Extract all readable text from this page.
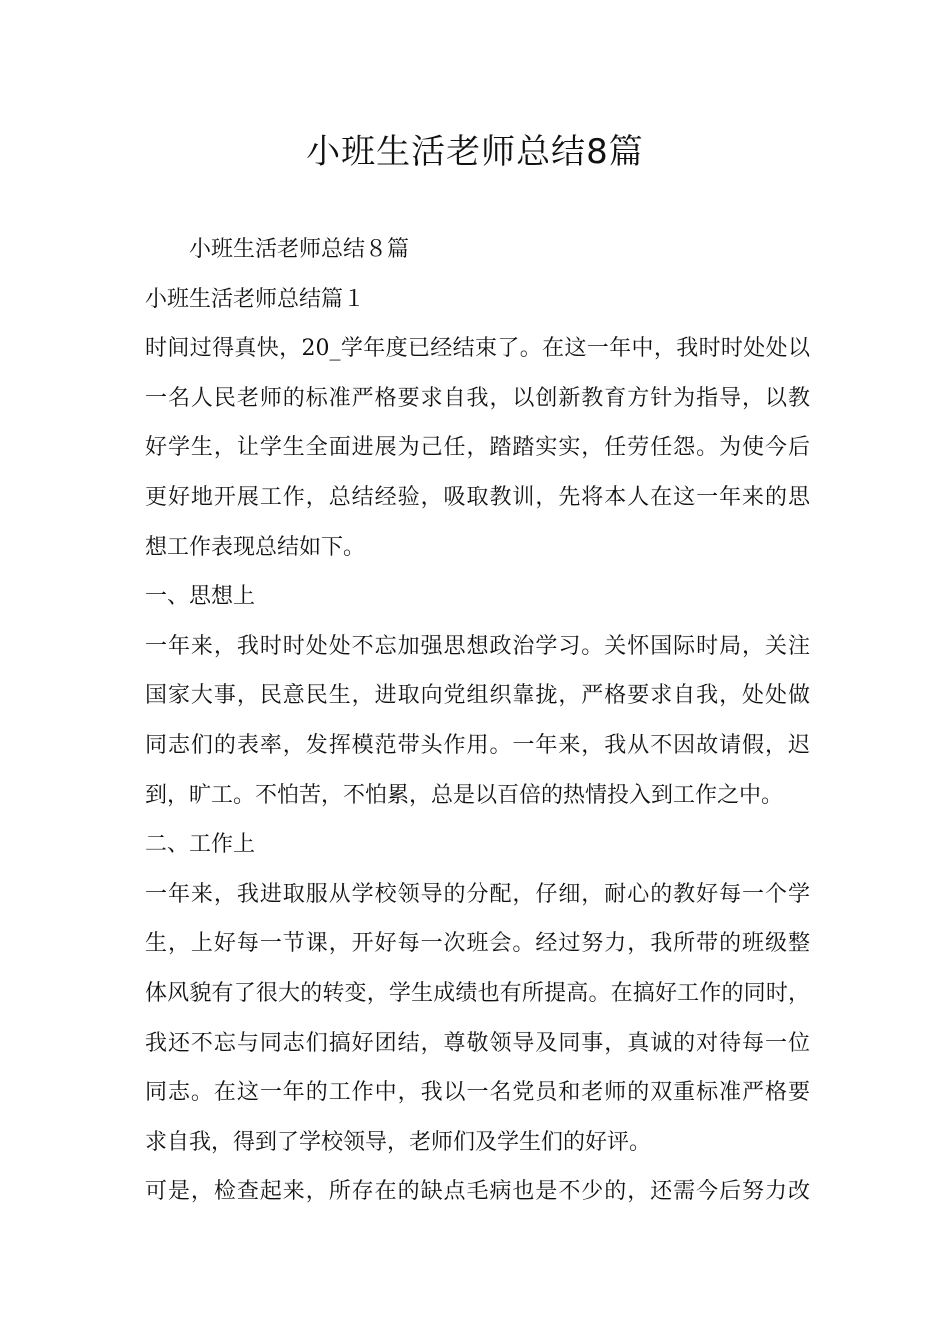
小班生活老师总结8篇

小班生活老师总结８篇

小班生活老师总结篇１

时间过得真快，20_学年度已经结束了。在这一年中，我时时处处以

一名人民老师的标准严格要求自我，以创新教育方针为指导，以教

好学生，让学生全面进展为己任，踏踏实实，任劳任怨。为使今后

更好地开展工作，总结经验，吸取教训，先将本人在这一年来的思

想工作表现总结如下。

一、思想上

一年来，我时时处处不忘加强思想政治学习。关怀国际时局，关注

国家大事，民意民生，进取向党组织靠拢，严格要求自我，处处做

同志们的表率，发挥模范带头作用。一年来，我从不因故请假，迟

到，旷工。不怕苦，不怕累，总是以百倍的热情投入到工作之中。

二、工作上

一年来，我进取服从学校领导的分配，仔细，耐心的教好每一个学

生，上好每一节课，开好每一次班会。经过努力，我所带的班级整

体风貌有了很大的转变，学生成绩也有所提高。在搞好工作的同时，

我还不忘与同志们搞好团结，尊敬领导及同事，真诚的对待每一位

同志。在这一年的工作中，我以一名党员和老师的双重标准严格要

求自我，得到了学校领导，老师们及学生们的好评。

可是，检查起来，所存在的缺点毛病也是不少的，还需今后努力改
